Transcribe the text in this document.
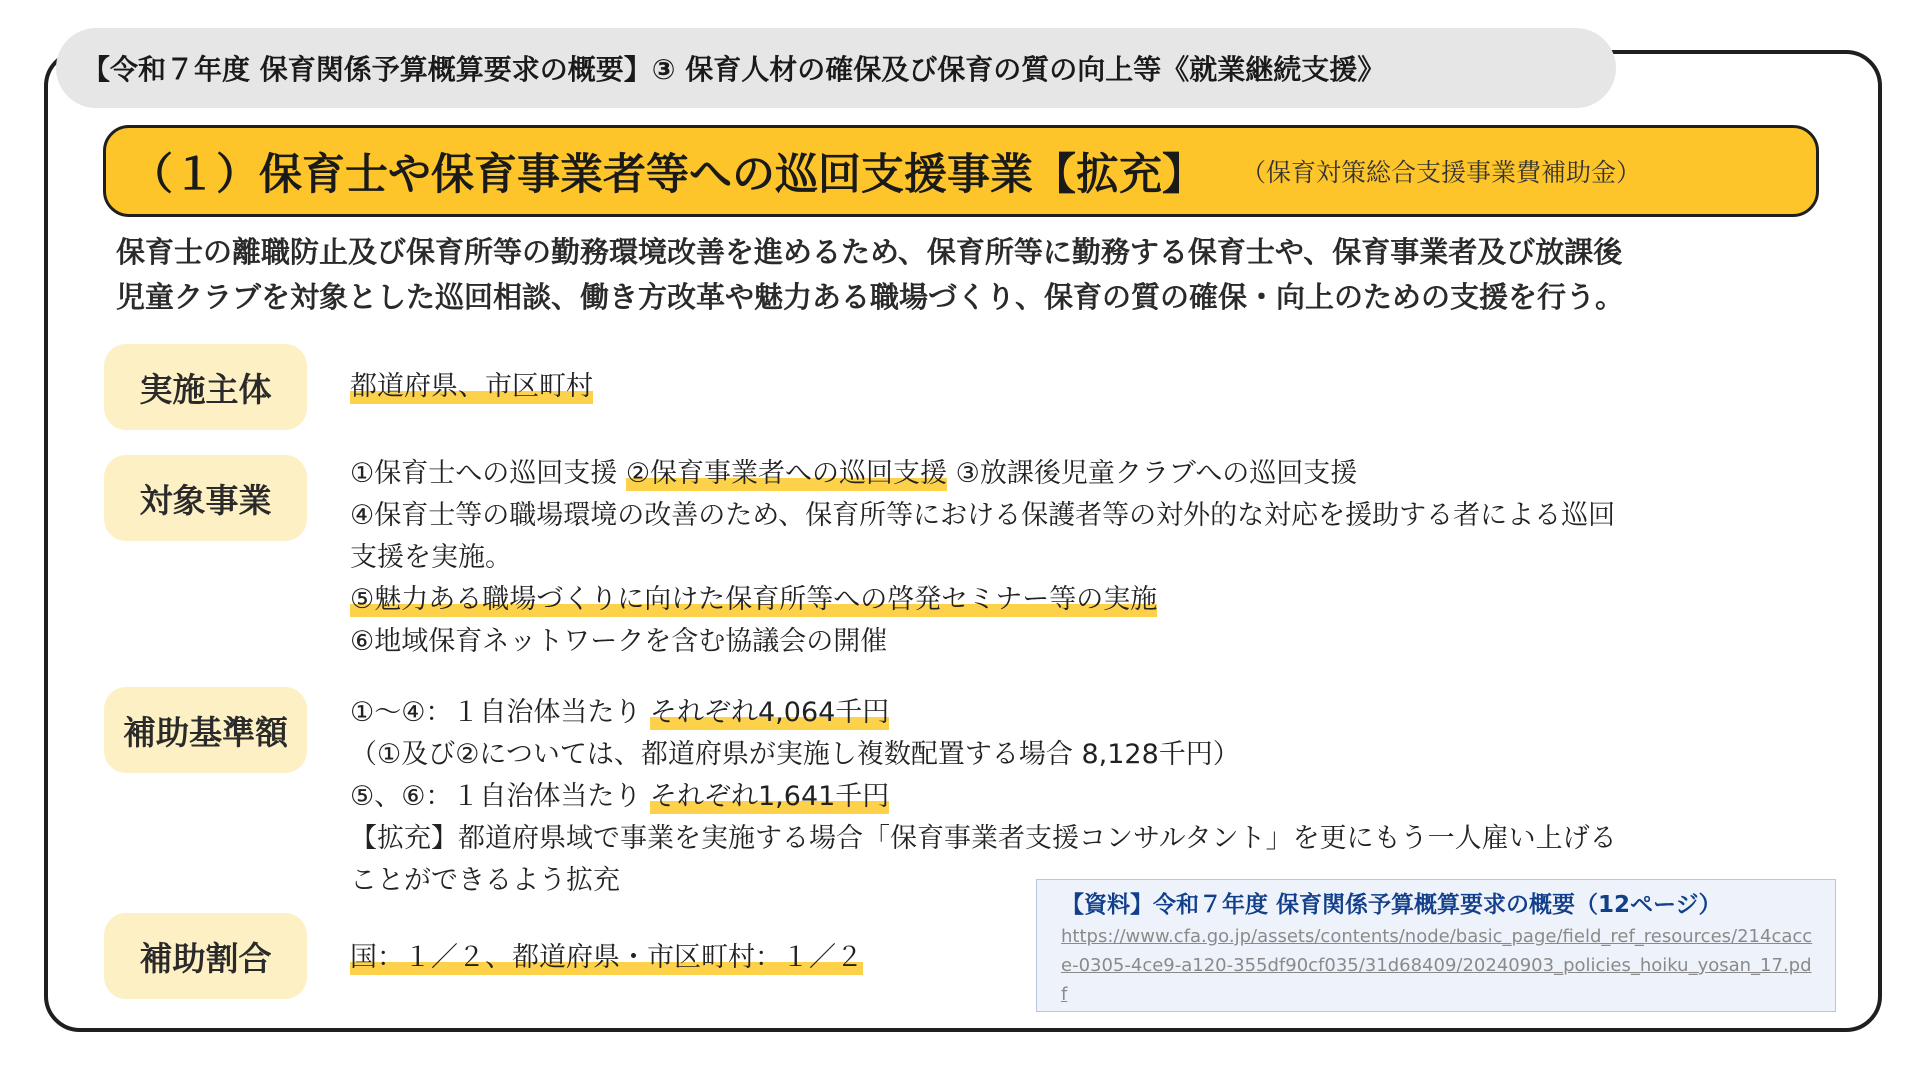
【令和７年度 保育関係予算概算要求の概要】③ 保育人材の確保及び保育の質の向上等《就業継続支援》
（１）保育士や保育事業者等への巡回支援事業【拡充】 （保育対策総合支援事業費補助金）
保育士の離職防止及び保育所等の勤務環境改善を進めるため、保育所等に勤務する保育士や、保育事業者及び放課後
児童クラブを対象とした巡回相談、働き方改革や魅力ある職場づくり、保育の質の確保・向上のための支援を行う。
実施主体	都道府県、市区町村
対象事業
①保育士への巡回支援 ②保育事業者への巡回支援 ③放課後児童クラブへの巡回支援
④保育士等の職場環境の改善のため、保育所等における保護者等の対外的な対応を援助する者による巡回
支援を実施。
⑤魅力ある職場づくりに向けた保育所等への啓発セミナー等の実施
⑥地域保育ネットワークを含む協議会の開催
補助基準額 ①〜④：１自治体当たり それぞれ4,064千円
（①及び②については、都道府県が実施し複数配置する場合 8,128千円）
⑤、⑥：１自治体当たり それぞれ1,641千円
【拡充】都道府県域で事業を実施する場合「保育事業者支援コンサルタント」を更にもう一人雇い上げる
ことができるよう拡充
補助割合	国：１／２、都道府県・市区町村：１／２
【資料】令和７年度 保育関係予算概算要求の概要（12ページ）
https://www.cfa.go.jp/assets/contents/node/basic_page/field_ref_resources/214cacce-0305-4ce9-a120-355df90cf035/31d68409/20240903_policies_hoiku_yosan_17.pdf
